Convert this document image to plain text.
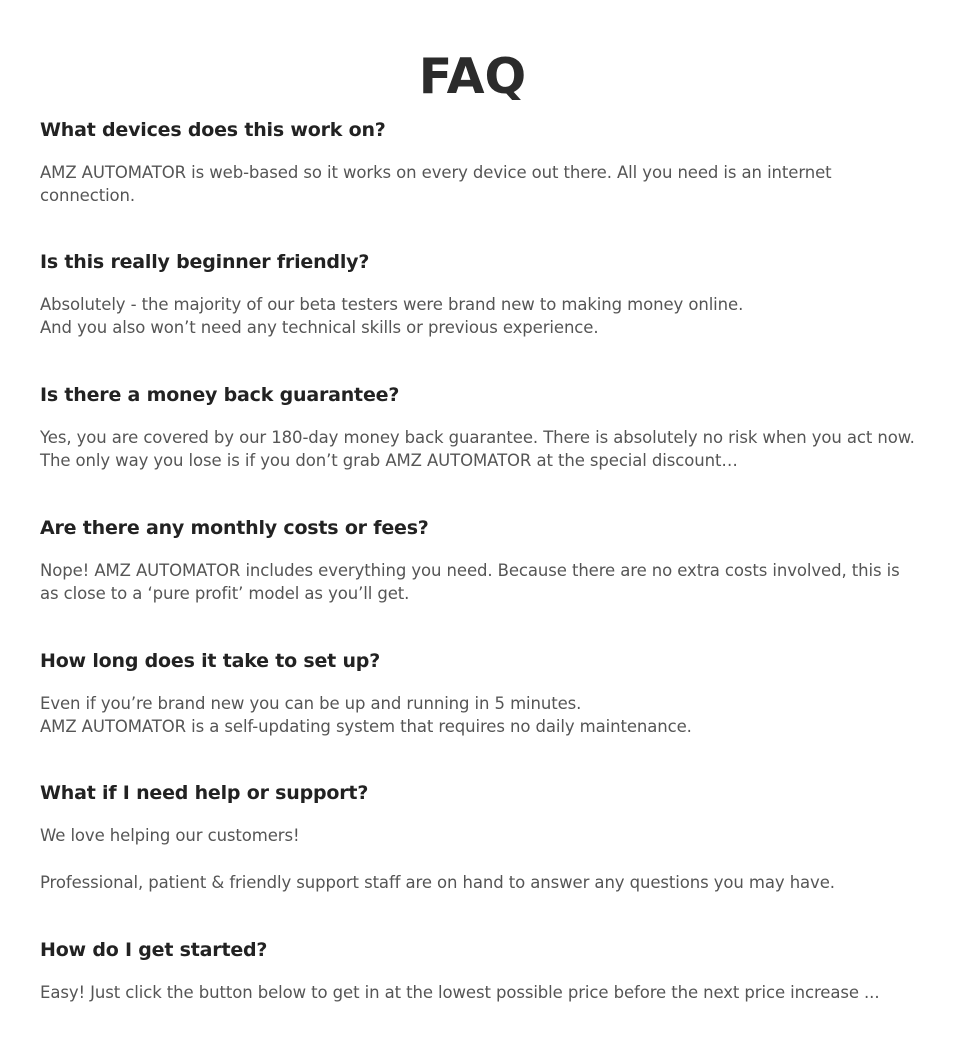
FAQ
What devices does this work on?

AMZ AUTOMATOR is web-based so it works on every device out there. All you need is an internet connection.

Is this really beginner friendly?

Absolutely - the majority of our beta testers were brand new to making money online.

And you also won’t need any technical skills or previous experience.

Is there a money back guarantee?

Yes, you are covered by our 180-day money back guarantee. There is absolutely no risk when you act now. The only way you lose is if you don’t grab AMZ AUTOMATOR at the special discount…

Are there any monthly costs or fees?

Nope! AMZ AUTOMATOR includes everything you need. Because there are no extra costs involved, this is as close to a ‘pure profit’ model as you’ll get.

How long does it take to set up?

Even if you’re brand new you can be up and running in 5 minutes.

AMZ AUTOMATOR is a self-updating system that requires no daily maintenance.

What if I need help or support?

We love helping our customers!

Professional, patient & friendly support staff are on hand to answer any questions you may have.

How do I get started?

Easy! Just click the button below to get in at the lowest possible price before the next price increase ...
